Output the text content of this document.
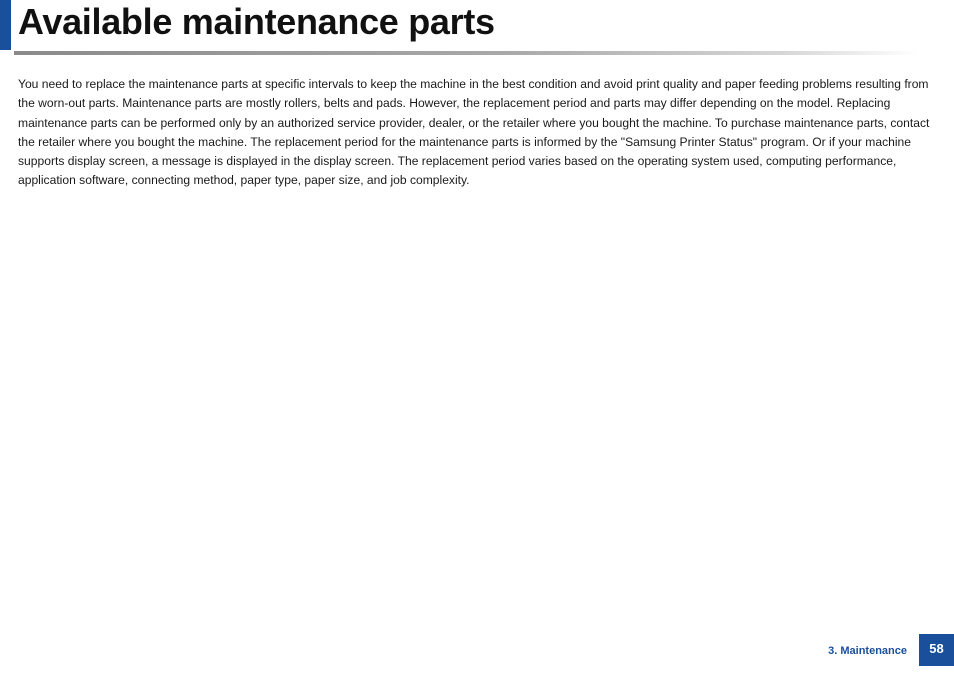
Available maintenance parts

You need to replace the maintenance parts at specific intervals to keep the machine in the best condition and avoid print quality and paper feeding problems resulting from the worn-out parts. Maintenance parts are mostly rollers, belts and pads. However, the replacement period and parts may differ depending on the model. Replacing maintenance parts can be performed only by an authorized service provider, dealer, or the retailer where you bought the machine. To purchase maintenance parts, contact the retailer where you bought the machine. The replacement period for the maintenance parts is informed by the "Samsung Printer Status" program. Or if your machine supports display screen, a message is displayed in the display screen. The replacement period varies based on the operating system used, computing performance, application software, connecting method, paper type, paper size, and job complexity.

3. Maintenance	58
